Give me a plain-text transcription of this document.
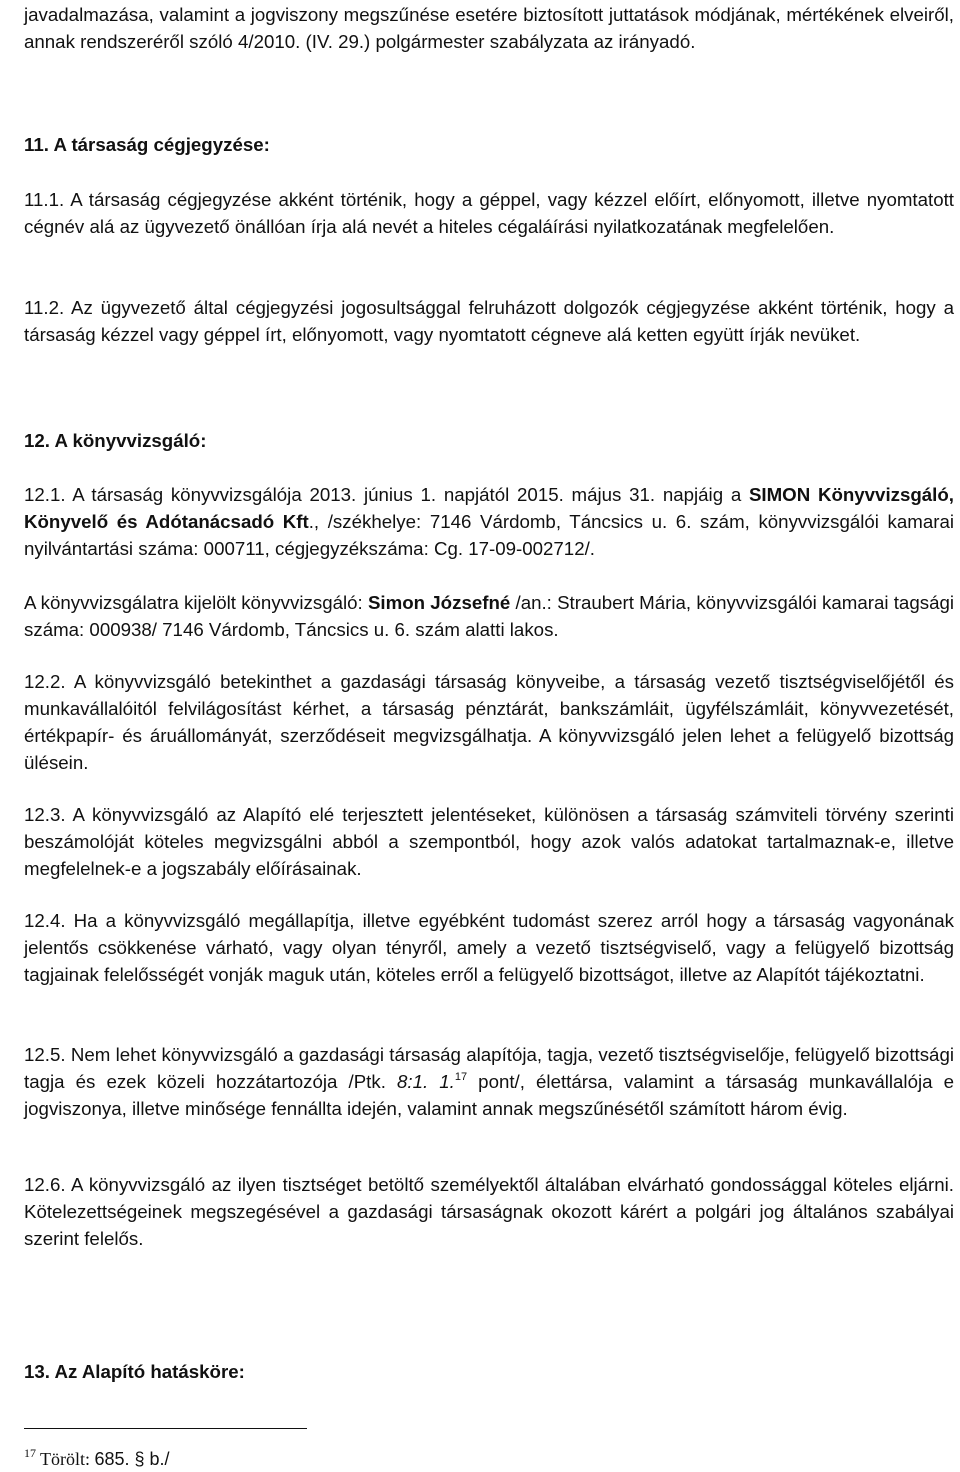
javadalmazása, valamint a jogviszony megszűnése esetére biztosított juttatások módjának, mértékének elveiről, annak rendszeréről szóló 4/2010. (IV. 29.) polgármester szabályzata az irányadó.

11. A társaság cégjegyzése:

11.1. A társaság cégjegyzése akként történik, hogy a géppel, vagy kézzel előírt, előnyomott, illetve nyomtatott cégnév alá az ügyvezető önállóan írja alá nevét a hiteles cégaláírási nyilatkozatának megfelelően.

11.2. Az ügyvezető által cégjegyzési jogosultsággal felruházott dolgozók cégjegyzése akként történik, hogy a társaság kézzel vagy géppel írt, előnyomott, vagy nyomtatott cégneve alá ketten együtt írják nevüket.

12. A könyvvizsgáló:

12.1. A társaság könyvvizsgálója 2013. június 1. napjától 2015. május 31. napjáig a SIMON Könyvvizsgáló, Könyvelő és Adótanácsadó Kft., /székhelye: 7146 Várdomb, Táncsics u. 6. szám, könyvvizsgálói kamarai nyilvántartási száma: 000711, cégjegyzékszáma: Cg. 17-09-002712/.

A könyvvizsgálatra kijelölt könyvvizsgáló: Simon Józsefné /an.: Straubert Mária, könyvvizsgálói kamarai tagsági száma: 000938/ 7146 Várdomb, Táncsics u. 6. szám alatti lakos.

12.2. A könyvvizsgáló betekinthet a gazdasági társaság könyveibe, a társaság vezető tisztségviselőjétől és munkavállalóitól felvilágosítást kérhet, a társaság pénztárát, bankszámláit, ügyfélszámláit, könyvvezetését, értékpapír- és áruállományát, szerződéseit megvizsgálhatja. A könyvvizsgáló jelen lehet a felügyelő bizottság ülésein.

12.3. A könyvvizsgáló az Alapító elé terjesztett jelentéseket, különösen a társaság számviteli törvény szerinti beszámolóját köteles megvizsgálni abból a szempontból, hogy azok valós adatokat tartalmaznak-e, illetve megfelelnek-e a jogszabály előírásainak.

12.4. Ha a könyvvizsgáló megállapítja, illetve egyébként tudomást szerez arról hogy a társaság vagyonának jelentős csökkenése várható, vagy olyan tényről, amely a vezető tisztségviselő, vagy a felügyelő bizottság tagjainak felelősségét vonják maguk után, köteles erről a felügyelő bizottságot, illetve az Alapítót tájékoztatni.

12.5. Nem lehet könyvvizsgáló a gazdasági társaság alapítója, tagja, vezető tisztségviselője, felügyelő bizottsági tagja és ezek közeli hozzátartozója /Ptk. 8:1. 1.17 pont/, élettársa, valamint a társaság munkavállalója e jogviszonya, illetve minősége fennállta idején, valamint annak megszűnésétől számított három évig.

12.6. A könyvvizsgáló az ilyen tisztséget betöltő személyektől általában elvárható gondossággal köteles eljárni. Kötelezettségeinek megszegésével a gazdasági társaságnak okozott kárért a polgári jog általános szabályai szerint felelős.

13. Az Alapító hatásköre:

$^{17}$ Törölt: 685. § b./
